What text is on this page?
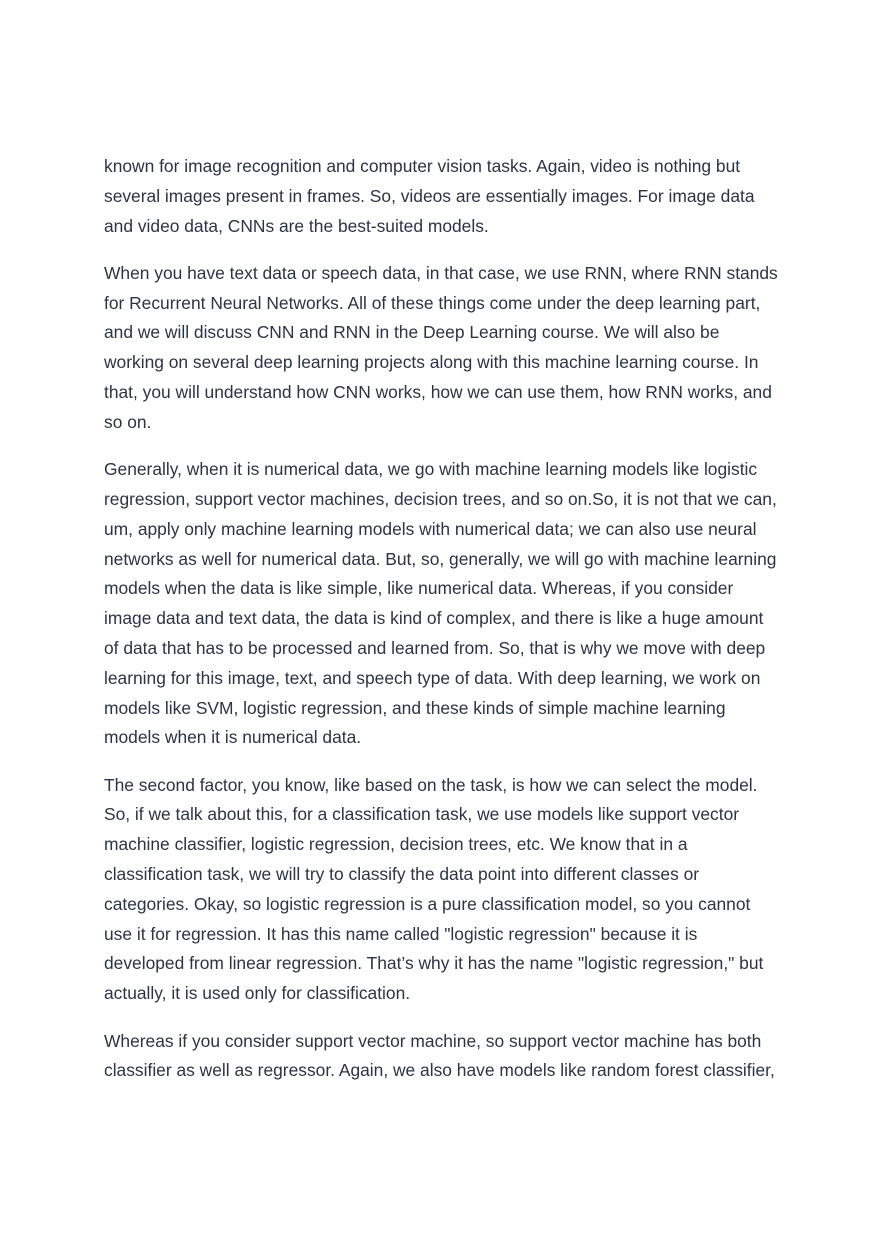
known for image recognition and computer vision tasks. Again, video is nothing but
several images present in frames. So, videos are essentially images. For image data
and video data, CNNs are the best-suited models.
When you have text data or speech data, in that case, we use RNN, where RNN stands
for Recurrent Neural Networks. All of these things come under the deep learning part,
and we will discuss CNN and RNN in the Deep Learning course. We will also be
working on several deep learning projects along with this machine learning course. In
that, you will understand how CNN works, how we can use them, how RNN works, and
so on.
Generally, when it is numerical data, we go with machine learning models like logistic
regression, support vector machines, decision trees, and so on.So, it is not that we can,
um, apply only machine learning models with numerical data; we can also use neural
networks as well for numerical data. But, so, generally, we will go with machine learning
models when the data is like simple, like numerical data. Whereas, if you consider
image data and text data, the data is kind of complex, and there is like a huge amount
of data that has to be processed and learned from. So, that is why we move with deep
learning for this image, text, and speech type of data. With deep learning, we work on
models like SVM, logistic regression, and these kinds of simple machine learning
models when it is numerical data.
The second factor, you know, like based on the task, is how we can select the model.
So, if we talk about this, for a classification task, we use models like support vector
machine classifier, logistic regression, decision trees, etc. We know that in a
classification task, we will try to classify the data point into different classes or
categories. Okay, so logistic regression is a pure classification model, so you cannot
use it for regression. It has this name called "logistic regression" because it is
developed from linear regression. That’s why it has the name "logistic regression," but
actually, it is used only for classification.
Whereas if you consider support vector machine, so support vector machine has both
classifier as well as regressor. Again, we also have models like random forest classifier,
